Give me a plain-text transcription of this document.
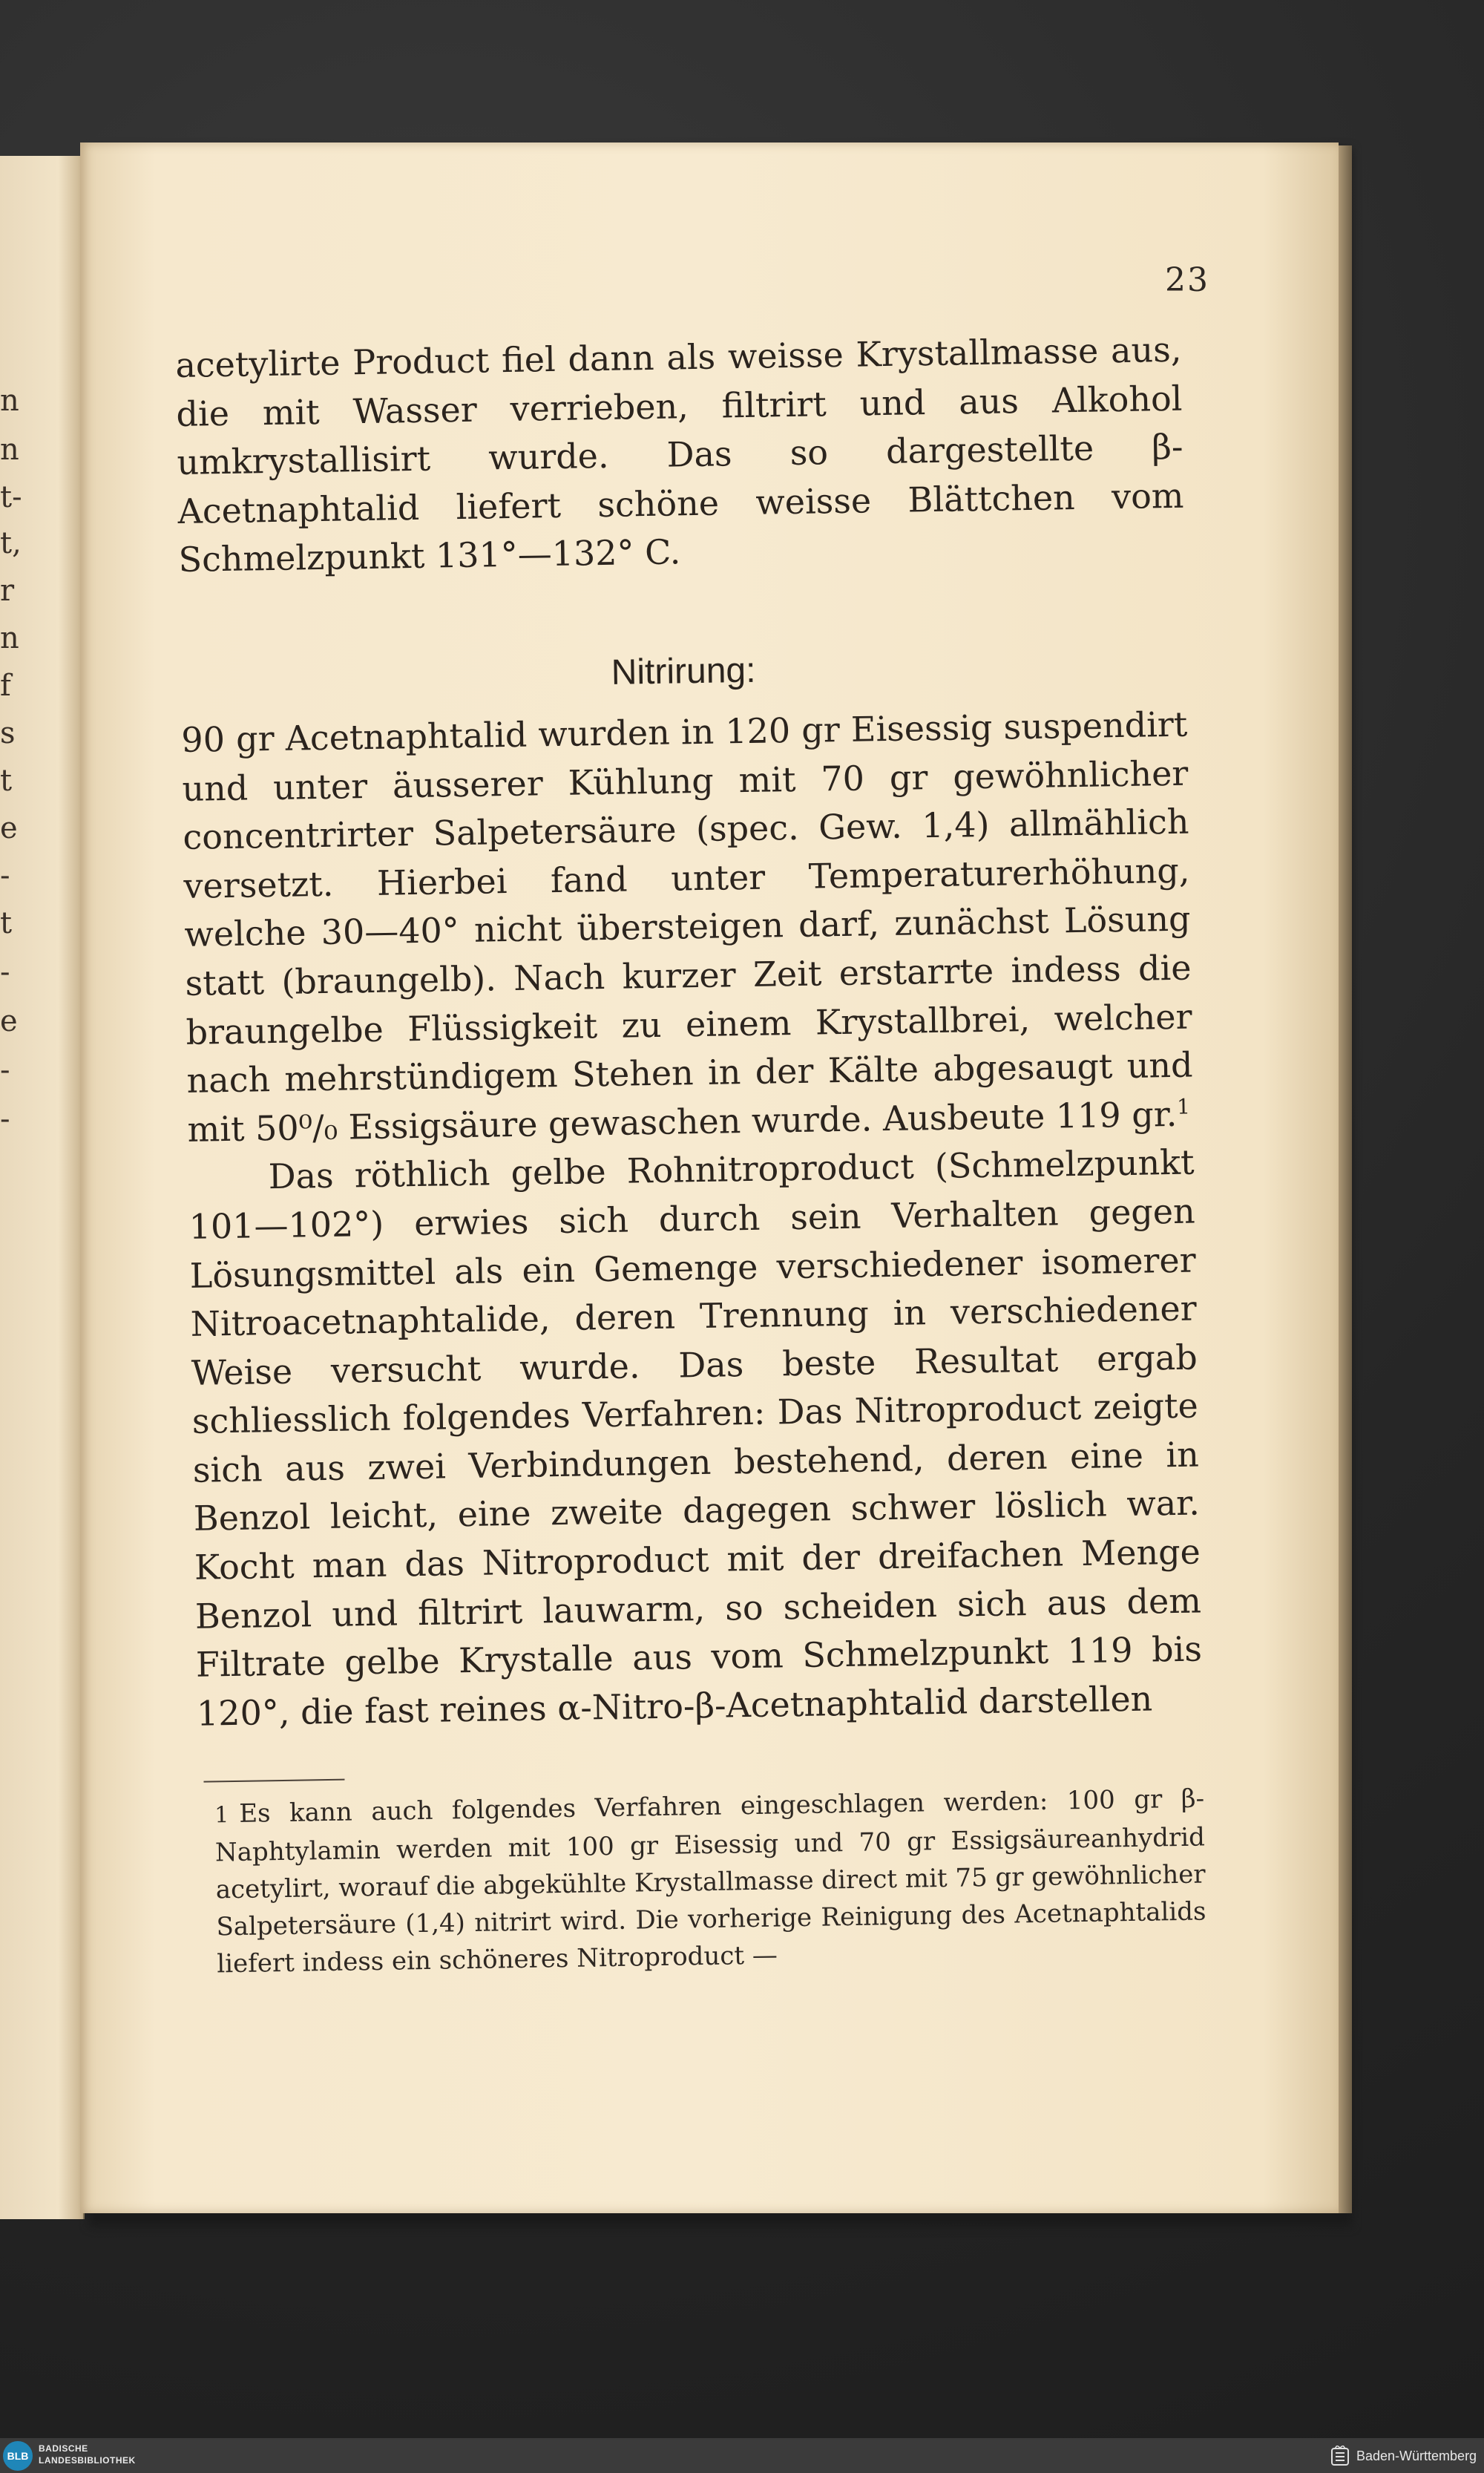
n
n
t-
t,
r
n
f
s
t
e
-
t
-
e
-
-
23

acetylirte Product fiel dann als weisse Krystallmasse aus, die mit Wasser verrieben, filtrirt und aus Alkohol umkrystallisirt wurde. Das so dargestellte β-Acetnaphtalid liefert schöne weisse Blättchen vom Schmelzpunkt 131°—132° C.

Nitrirung:

90 gr Acetnaphtalid wurden in 120 gr Eisessig suspendirt und unter äusserer Kühlung mit 70 gr gewöhnlicher concentrirter Salpetersäure (spec. Gew. 1,4) allmählich versetzt. Hierbei fand unter Temperaturerhöhung, welche 30—40° nicht übersteigen darf, zunächst Lösung statt (braungelb). Nach kurzer Zeit erstarrte indess die braungelbe Flüssigkeit zu einem Krystallbrei, welcher nach mehrstündigem Stehen in der Kälte abgesaugt und mit 50⁰/₀ Essigsäure gewaschen wurde. Ausbeute 119 gr.$^1$

Das röthlich gelbe Rohnitroproduct (Schmelzpunkt 101—102°) erwies sich durch sein Verhalten gegen Lösungsmittel als ein Gemenge verschiedener isomerer Nitroacetnaphtalide, deren Trennung in verschiedener Weise versucht wurde. Das beste Resultat ergab schliesslich folgendes Verfahren: Das Nitroproduct zeigte sich aus zwei Verbindungen bestehend, deren eine in Benzol leicht, eine zweite dagegen schwer löslich war. Kocht man das Nitroproduct mit der dreifachen Menge Benzol und filtrirt lauwarm, so scheiden sich aus dem Filtrate gelbe Krystalle aus vom Schmelzpunkt 119 bis 120°, die fast reines α-Nitro-β-Acetnaphtalid darstellen

1 Es kann auch folgendes Verfahren eingeschlagen werden: 100 gr β-Naphtylamin werden mit 100 gr Eisessig und 70 gr Essigsäureanhydrid acetylirt, worauf die abgekühlte Krystallmasse direct mit 75 gr gewöhnlicher Salpetersäure (1,4) nitrirt wird. Die vorherige Reinigung des Acetnaphtalids liefert indess ein schöneres Nitroproduct —

BLB
BADISCHE
LANDESBIBLIOTHEK	Baden-Württemberg
